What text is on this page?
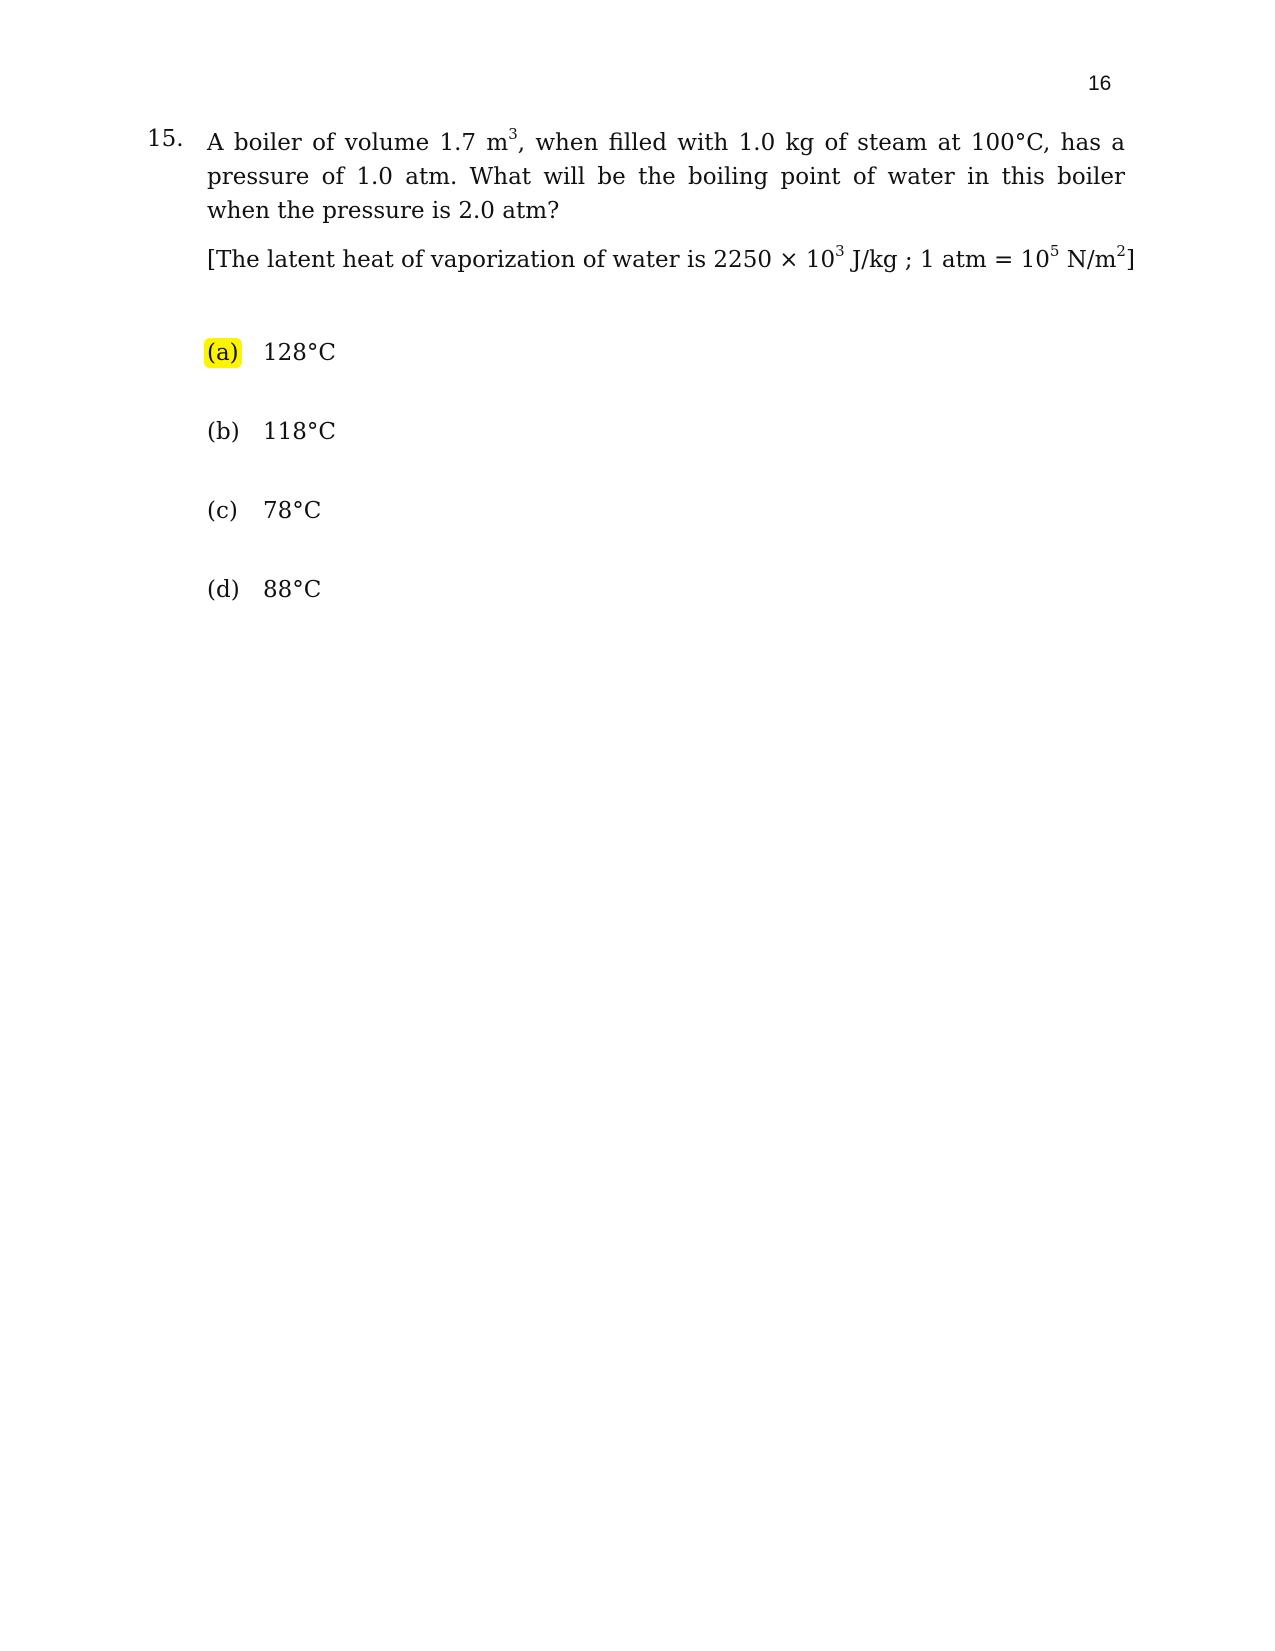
16
15. A boiler of volume 1.7 $m^3$, when filled with 1.0 kg of steam at 100°C, has a pressure of 1.0 atm. What will be the boiling point of water in this boiler when the pressure is 2.0 atm?
[The latent heat of vaporization of water is $2250 \times 10^3$ J/kg ; 1 atm = $10^5$ $N/m^2$]
(a) 128°C
(b) 118°C
(c) 78°C
(d) 88°C
